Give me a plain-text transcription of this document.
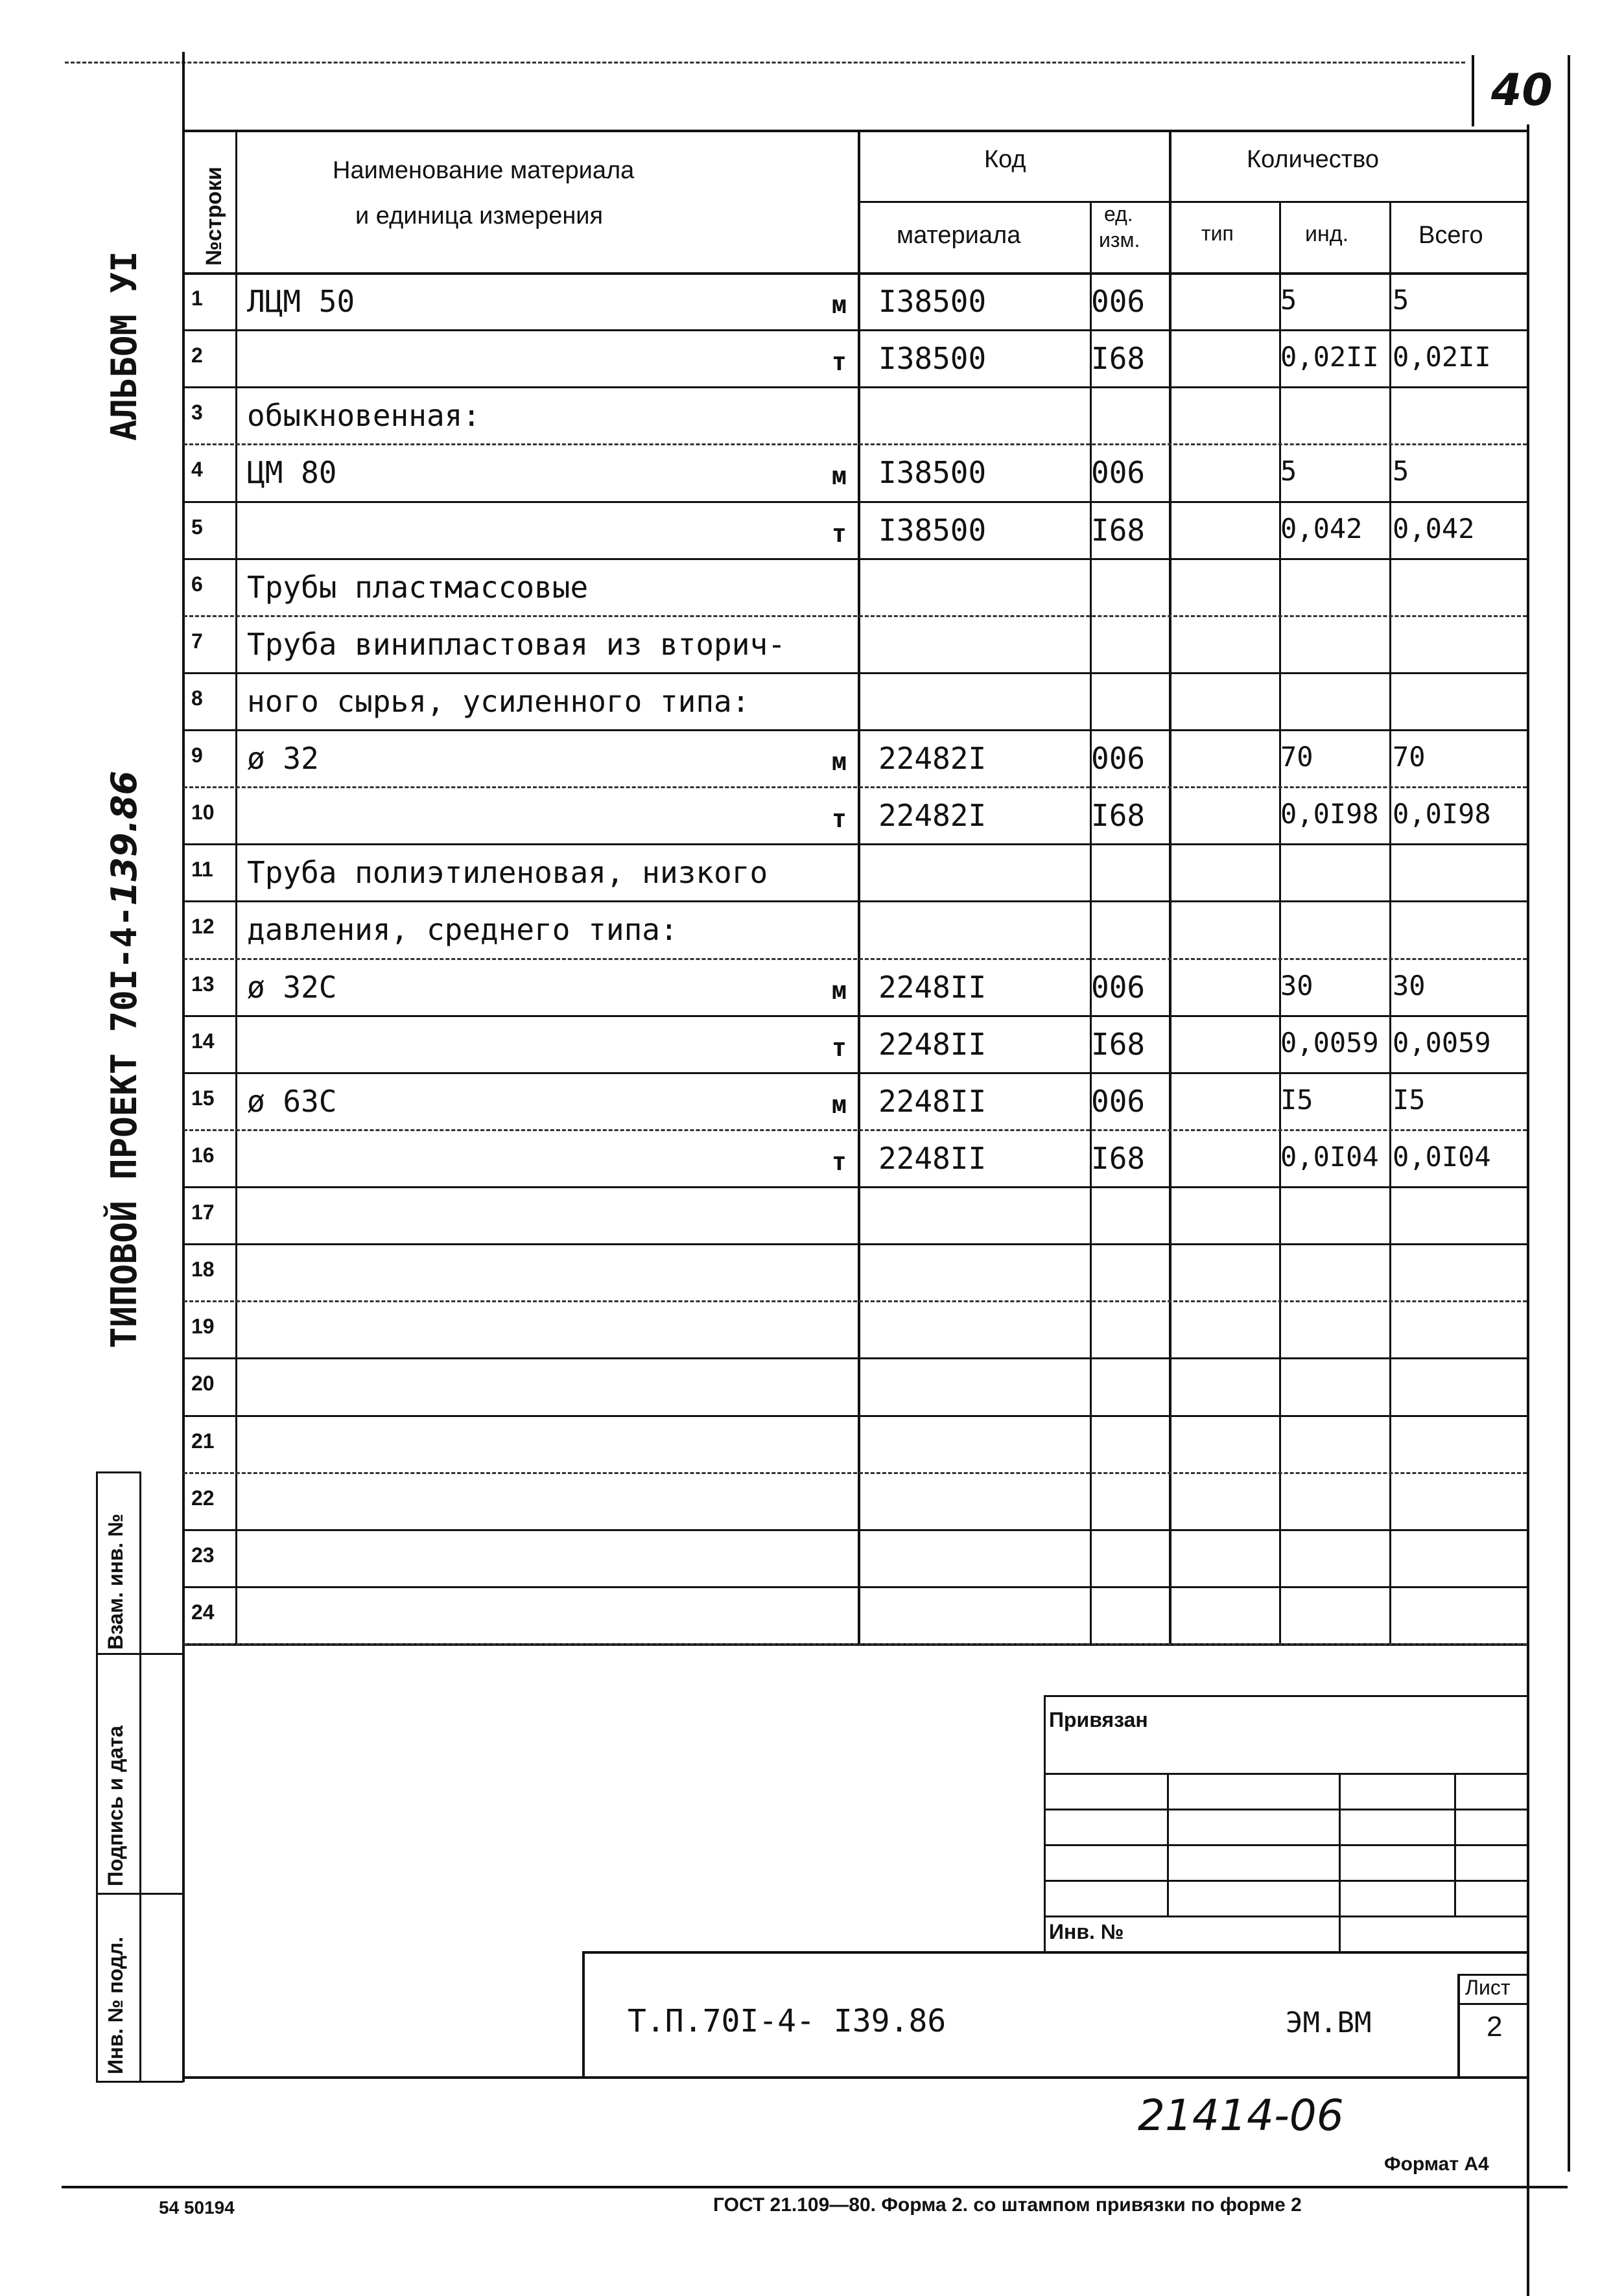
40
АЛЬБОМ УI
ТИПОВОЙ ПРОЕКТ 70I-4-139.86
Взам. инв. №
Подпись и дата
Инв. № подл.
№строки	Наименование материала
и единица измерения
Код	Количество
материала
ед.
изм.	тип	инд.	Всего
1 ЛЦМ 50	м I38500	006	5	5
2	т I38500	I68	0,02II 0,02II
3 обыкновенная:
4 ЦМ 80	м I38500	006	5	5
5	т I38500	I68	0,042 0,042
6 Трубы пластмассовые
7 Труба винипластовая из вторич-
8 ного сырья, усиленного типа:
9 ø 32	м 22482I	006	70	70
10	т 22482I	I68	0,0I98 0,0I98
11 Труба полиэтиленовая, низкого
12 давления, среднего типа:
13 ø 32С	м 2248II	006	30	30
14	т 2248II	I68	0,0059 0,0059
15 ø 63С	м 2248II	006	I5	I5
16	т 2248II	I68	0,0I04 0,0I04
17
18
19
20
21
22
23
24
Привязан
Инв. №
Т.П.70I-4- I39.86	ЭМ.ВМ
Лист
2
21414-06
Формат А4
54 50194	ГОСТ 21.109—80. Форма 2. со штампом привязки по форме 2
